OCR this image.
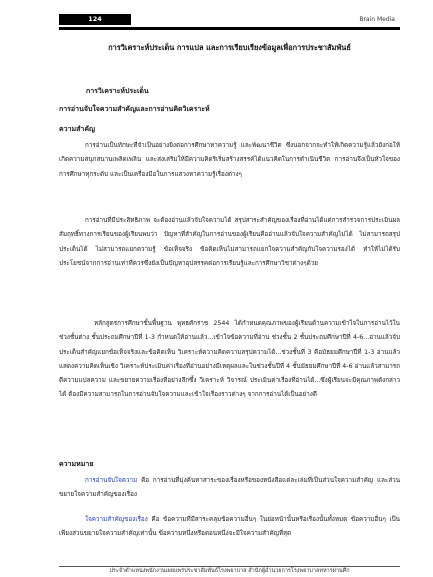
124	Brain Media
การวิเคราะห์ประเด็น การแปล และการเรียบเรียงข้อมูลเพื่อการประชาสัมพันธ์
การวิเคราะห์ประเด็น
การอ่านจับใจความสำคัญและการอ่านคิดวิเคราะห์
ความสำคัญ
การอ่านเป็นทักษะที่จำเป็นอย่างยิ่งต่อการศึกษาหาความรู้ และพัฒนาชีวิต ซึ่งนอกจากจะทำให้เกิดความรู้แล้วยังก่อให้เกิดความสนุกสนานเพลิดเพลิน และส่งเสริมให้มีความคิดริเริ่มสร้างสรรค์ได้แนวคิดในการดำเนินชีวิต การอ่านจึงเป็นหัวใจของการศึกษาทุกระดับ และเป็นเครื่องมือในการแสวงหาความรู้เรื่องต่างๆ
การอ่านที่มีประสิทธิภาพ จะต้องอ่านแล้วจับใจความได้ สรุปสาระสำคัญของเรื่องที่อ่านได้แต่การสำรวจการประเมินผลสัมฤทธิ์ทางการเรียนของผู้เรียนพบว่า ปัญหาที่สำคัญในการอ่านของผู้เรียนคืออ่านแล้วจับใจความสำคัญไม่ได้ ไม่สามารถสรุปประเด็นได้ ไม่สามารถแยกความรู้ ข้อเท็จจริง ข้อคิดเห็นไม่สามารถแยกใจความสำคัญกับใจความรองได้ ทำให้ไม่ได้รับประโยชน์จากการอ่านเท่าที่ควรซึ่งยังเป็นปัญหาอุปสรรคต่อการเรียนรู้และการศึกษาวิชาต่างๆด้วย
หลักสูตรการศึกษาขั้นพื้นฐาน พุทธศักราช 2544 ได้กำหนดคุณภาพของผู้เรียนด้านความเข้าใจในการอ่านไว้ในช่วงชั้นต่าง ชั้นประถมศึกษาปีที่ 1-3 กำหนดให้อ่านแล้ว...เข้าใจข้อความที่อ่าน ช่วงชั้น 2 ชั้นประถมศึกษาปีที่ 4-6...อ่านแล้วจับประเด็นสำคัญแยกข้อเท็จจริงและข้อคิดเห็น วิเคราะห์ความคิดความสรุปความได้...ช่วงชั้นที่ 3 คือมัธยมศึกษาปีที่ 1-3 อ่านแล้วแสดงความคิดเห็นเชิง วิเคราะห์ประเมินค่าเรื่องที่อ่านอย่างมีเหตุผลและในช่วงชั้นปีที่ 4 ชั้นมัธยมศึกษาปีที่ 4-6 อ่านแล้วสามารถตีความแปลความ และขยายความเรื่องที่อย่างลึกซึ้ง วิเคราะห์ วิจารณ์ ประเมินค่าเรื่องที่อ่านได้...ซึ่งผู้เรียนจะมีคุณภาพดังกล่าวได้ ต้องมีความสามารถในการอ่านจับใจความและเข้าใจเรื่องราวต่างๆ จากการอ่านได้เป็นอย่างดี
ความหมาย
การอ่านจับใจความ คือ การอ่านที่มุ่งค้นหาสาระของเรื่องหรือของหนังสือแต่ละเล่มที่เป็นส่วนใจความสำคัญ และส่วนขยายใจความสำคัญของเรื่อง
ใจความสำคัญของเรื่อง คือ ข้อความที่มีสาระคลุมข้อความอื่นๆ ในย่อหน้านั้นหรือเรื่องนั้นทั้งหมด ข้อความอื่นๆ เป็นเพียงส่วนขยายใจความสำคัญเท่านั้น ข้อความหนึ่งหรือตอนหนึ่งจะมีใจความสำคัญที่สุด
ประจำตำแหน่งพนักงานเผยแพร่ประชาสัมพันธ์โรงพยาบาล สำนักผู้อำนวยการโรงพยาบาลทหารผ่านศึก
